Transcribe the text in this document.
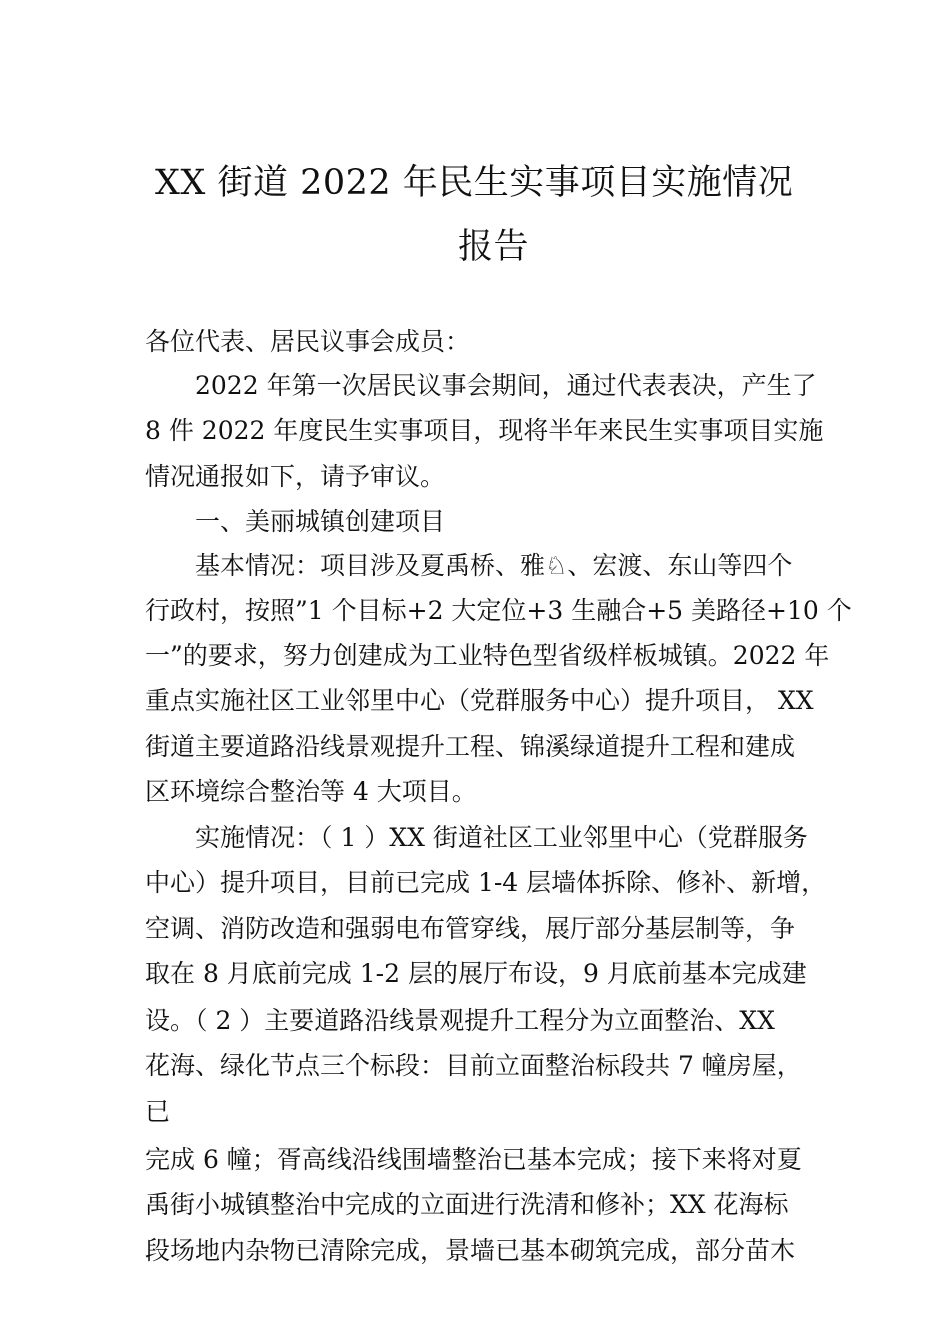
XX 街道 2022 年民生实事项目实施情况
报告
各位代表、居民议事会成员：
2022 年第一次居民议事会期间，通过代表表决，产生了
8 件 2022 年度民生实事项目，现将半年来民生实事项目实施
情况通报如下，请予审议。
一、美丽城镇创建项目
基本情况：项目涉及夏禹桥、雅♘、宏渡、东山等四个
行政村，按照”1 个目标+2 大定位+3 生融合+5 美路径+10 个
一”的要求，努力创建成为工业特色型省级样板城镇。2022 年
重点实施社区工业邻里中心（党群服务中心）提升项目， XX
街道主要道路沿线景观提升工程、锦溪绿道提升工程和建成
区环境综合整治等 4 大项目。
实施情况：（ 1 ）XX 街道社区工业邻里中心（党群服务
中心）提升项目，目前已完成 1-4 层墙体拆除、修补、新增，
空调、消防改造和强弱电布管穿线，展厅部分基层制等，争
取在 8 月底前完成 1-2 层的展厅布设，9 月底前基本完成建
设。（ 2 ）主要道路沿线景观提升工程分为立面整治、XX
花海、绿化节点三个标段：目前立面整治标段共 7 幢房屋，
已
完成 6 幢；胥高线沿线围墙整治已基本完成；接下来将对夏
禹街小城镇整治中完成的立面进行洗清和修补；XX 花海标
段场地内杂物已清除完成，景墙已基本砌筑完成，部分苗木
